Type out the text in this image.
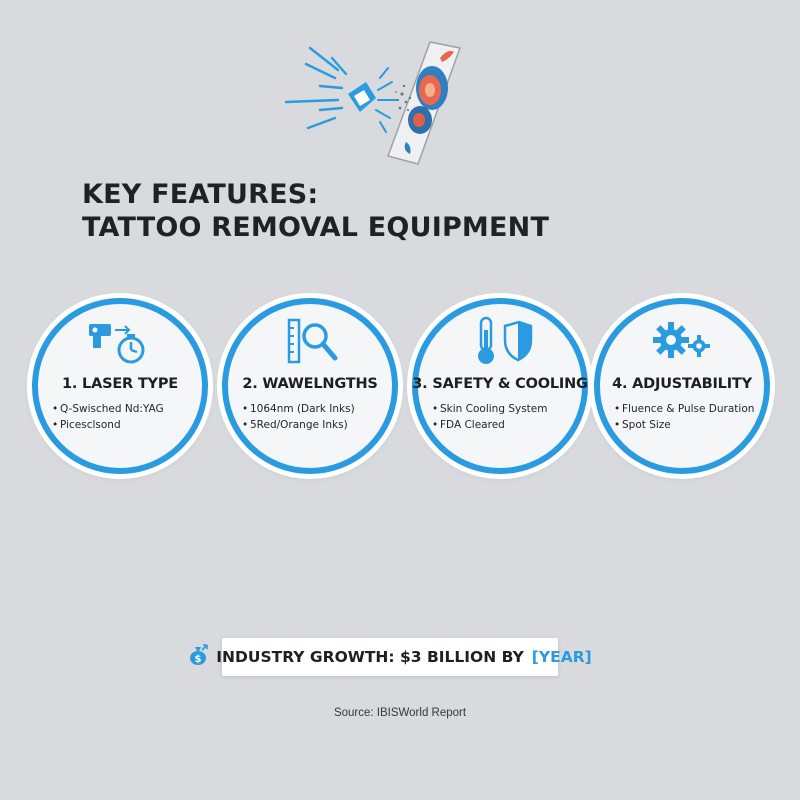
KEY FEATURES:
TATTOO REMOVAL EQUIPMENT
1. LASER TYPE
• Q-Swisched Nd:YAG
• Picesclsond
2. WAWELNGTHS
• 1064nm (Dark Inks)
• 5Red/Orange Inks)
3. SAFETY & COOLING
• Skin Cooling System
• FDA Cleared
4. ADJUSTABILITY
• Fluence & Pulse Duration
• Spot Size
$ INDUSTRY GROWTH: $3 BILLION BY [YEAR]
Source: IBISWorld Report
